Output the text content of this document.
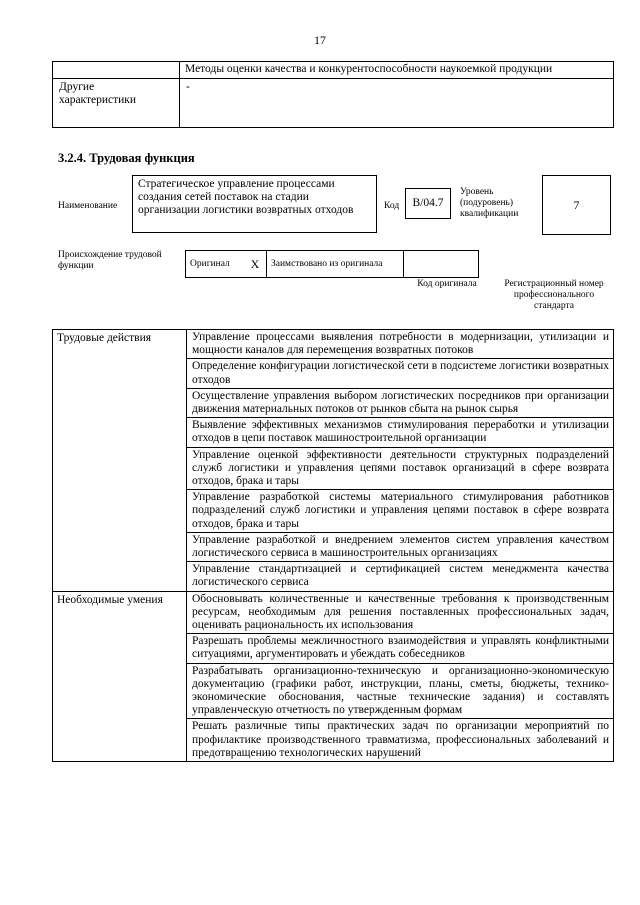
17
	Методы оценки качества и конкурентоспособности наукоемкой продукции
Другие характеристики	-
3.2.4. Трудовая функция
Наименование
Стратегическое управление процессами создания сетей поставок на стадии организации логистики возвратных отходов	Код	B/04.7
Уровень (подуровень) квалификации
7
Происхождение трудовой функции	Оригинал	X	Заимствовано из оригинала		
Код оригинала	Регистрационный номер профессионального стандарта
Трудовые действия	Управление процессами выявления потребности в модернизации, утилизации и мощности каналов для перемещения возвратных потоков
	Определение конфигурации логистической сети в подсистеме логистики возвратных отходов
	Осуществление управления выбором логистических посредников при организации движения материальных потоков от рынков сбыта на рынок сырья
	Выявление эффективных механизмов стимулирования переработки и утилизации отходов в цепи поставок машиностроительной организации
	Управление оценкой эффективности деятельности структурных подразделений служб логистики и управления цепями поставок организаций в сфере возврата отходов, брака и тары
	Управление разработкой системы материального стимулирования работников подразделений служб логистики и управления цепями поставок в сфере возврата отходов, брака и тары
	Управление разработкой и внедрением элементов систем управления качеством логистического сервиса в машиностроительных организациях
	Управление стандартизацией и сертификацией систем менеджмента качества логистического сервиса
Необходимые умения	Обосновывать количественные и качественные требования к производственным ресурсам, необходимым для решения поставленных профессиональных задач, оценивать рациональность их использования
	Разрешать проблемы межличностного взаимодействия и управлять конфликтными ситуациями, аргументировать и убеждать собеседников
	Разрабатывать организационно-техническую и организационно-экономическую документацию (графики работ, инструкции, планы, сметы, бюджеты, технико-экономические обоснования, частные технические задания) и составлять управленческую отчетность по утвержденным формам
	Решать различные типы практических задач по организации мероприятий по профилактике производственного травматизма, профессиональных заболеваний и предотвращению технологических нарушений
